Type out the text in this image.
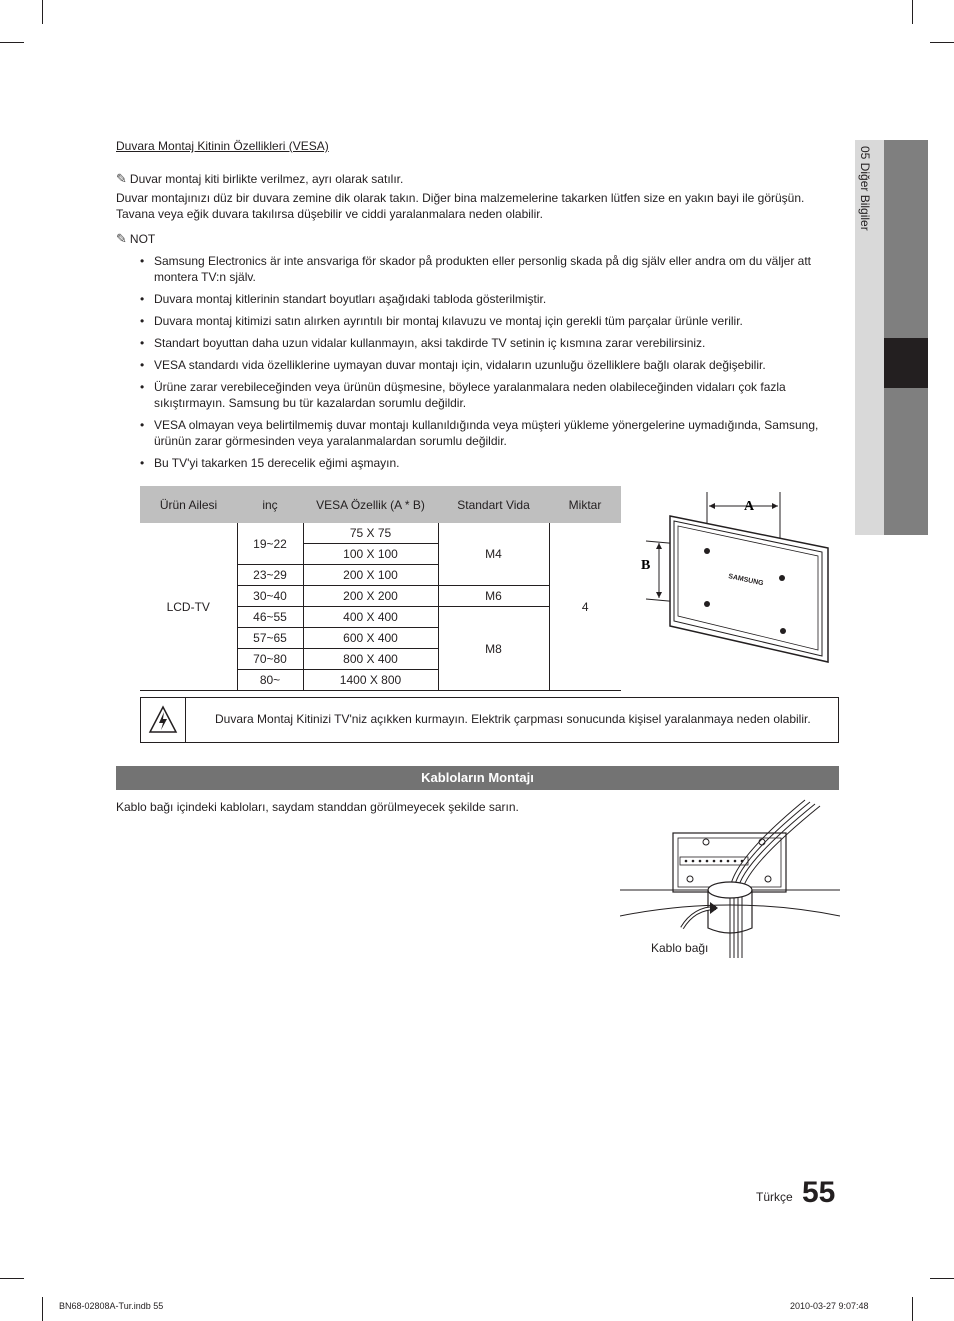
05 Diğer Bilgiler
Duvara Montaj Kitinin Özellikleri (VESA)
✎ Duvar montaj kiti birlikte verilmez, ayrı olarak satılır.
Duvar montajınızı düz bir duvara zemine dik olarak takın. Diğer bina malzemelerine takarken lütfen size en yakın bayi ile görüşün. Tavana veya eğik duvara takılırsa düşebilir ve ciddi yaralanmalara neden olabilir.
✎ NOT
• Samsung Electronics är inte ansvariga för skador på produkten eller personlig skada på dig själv eller andra om du väljer att montera TV:n själv.
• Duvara montaj kitlerinin standart boyutları aşağıdaki tabloda gösterilmiştir.
• Duvara montaj kitimizi satın alırken ayrıntılı bir montaj kılavuzu ve montaj için gerekli tüm parçalar ürünle verilir.
• Standart boyuttan daha uzun vidalar kullanmayın, aksi takdirde TV setinin iç kısmına zarar verebilirsiniz.
• VESA standardı vida özelliklerine uymayan duvar montajı için, vidaların uzunluğu özelliklere bağlı olarak değişebilir.
• Ürüne zarar verebileceğinden veya ürünün düşmesine, böylece yaralanmalara neden olabileceğinden vidaları çok fazla sıkıştırmayın. Samsung bu tür kazalardan sorumlu değildir.
• VESA olmayan veya belirtilmemiş duvar montajı kullanıldığında veya müşteri yükleme yönergelerine uymadığında, Samsung, ürünün zarar görmesinden veya yaralanmalardan sorumlu değildir.
• Bu TV'yi takarken 15 derecelik eğimi aşmayın.
Ürün Ailesi	inç	VESA Özellik (A * B)	Standart Vida	Miktar
LCD-TV	19~22	75 X 75	M4	4
		100 X 100		
	23~29	200 X 100		
	30~40	200 X 200	M6	
	46~55	400 X 400	M8	
	57~65	600 X 400		
	70~80	800 X 400		
	80~	1400 X 800		
A
B
SAMSUNG
Duvara Montaj Kitinizi TV'niz açıkken kurmayın. Elektrik çarpması sonucunda kişisel yaralanmaya neden olabilir.
Kabloların Montajı
Kablo bağı içindeki kabloları, saydam standdan görülmeyecek şekilde sarın.
Kablo bağı
Türkçe 55
BN68-02808A-Tur.indb 55	2010-03-27 9:07:48
